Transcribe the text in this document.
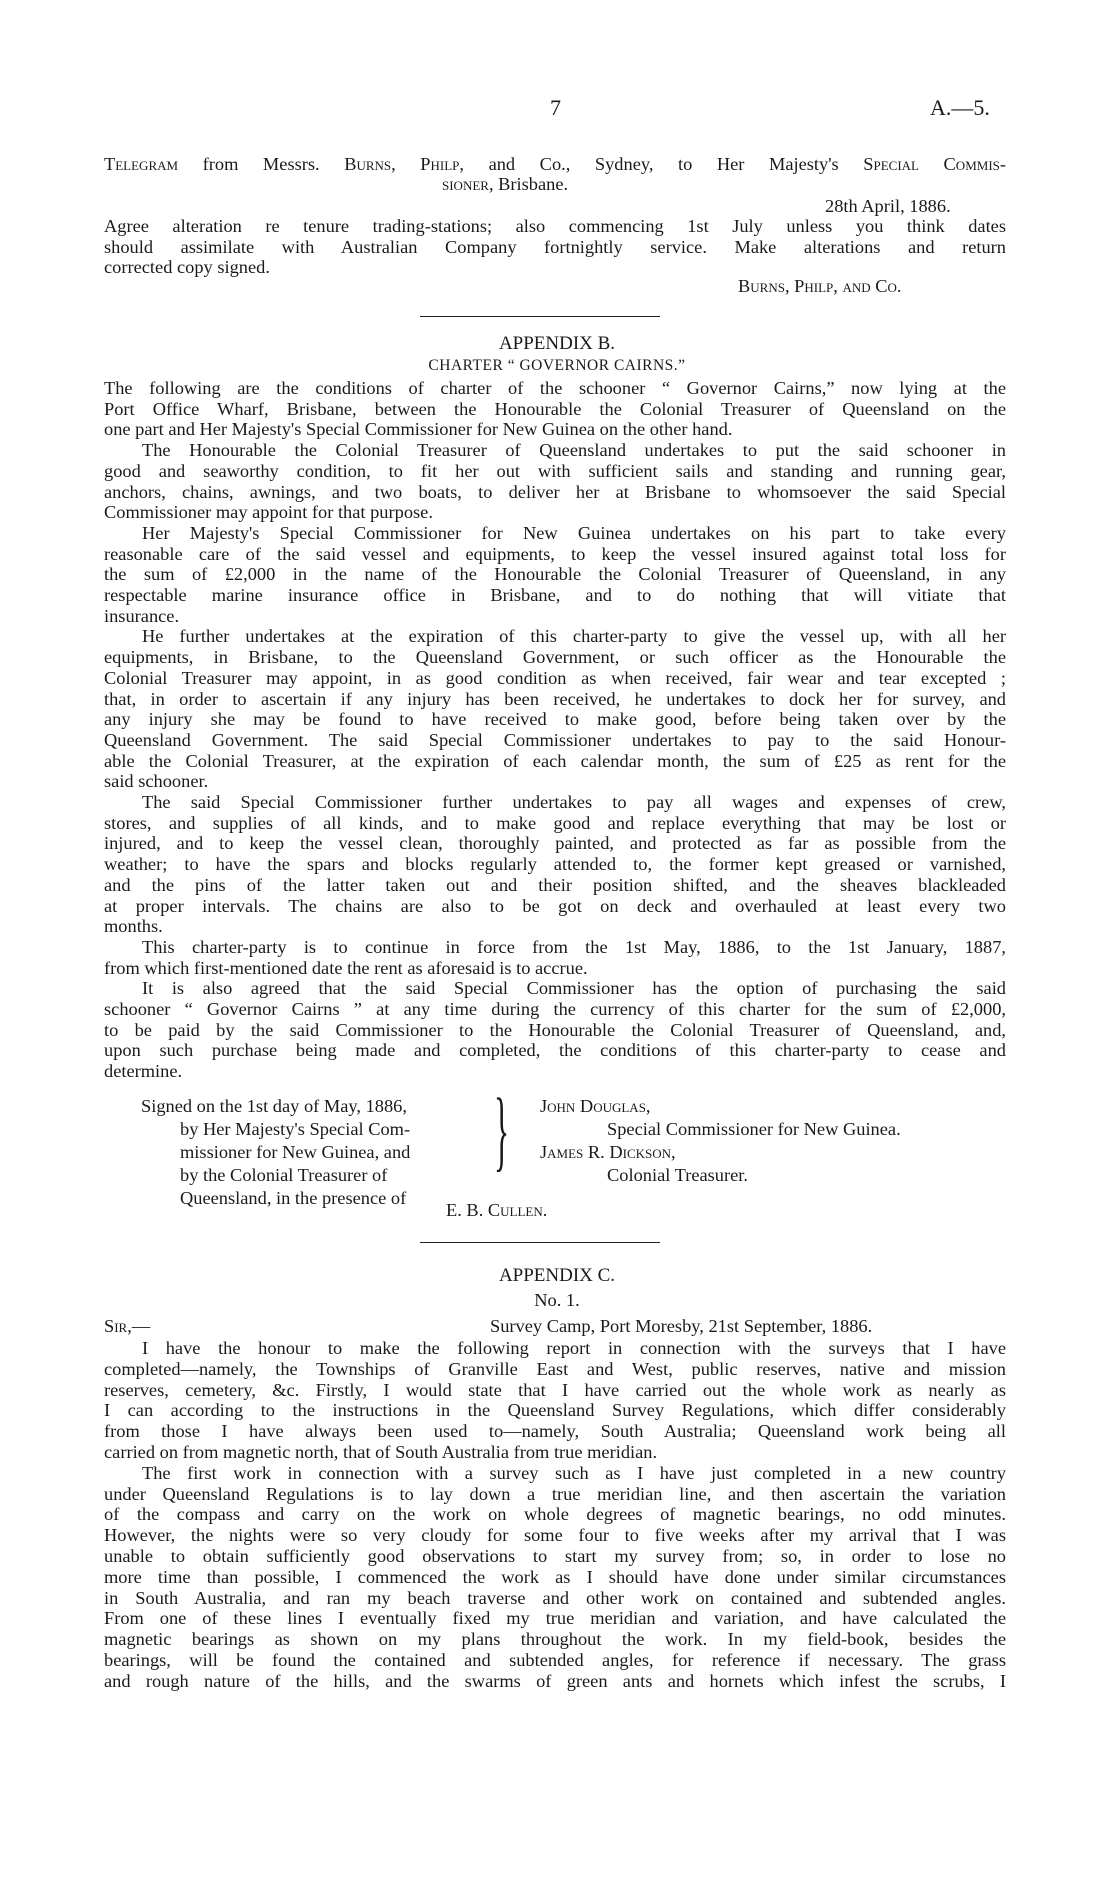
7	A.—5.
Telegram from Messrs. Burns, Philp, and Co., Sydney, to Her Majesty's Special Commis-
sioner, Brisbane.
28th April, 1886.
Agree alteration re tenure trading-stations; also commencing 1st July unless you think dates
should assimilate with Australian Company fortnightly service. Make alterations and return
corrected copy signed.
Burns, Philp, and Co.
APPENDIX B.
CHARTER “ GOVERNOR CAIRNS.”
The following are the conditions of charter of the schooner “ Governor Cairns,” now lying at the
Port Office Wharf, Brisbane, between the Honourable the Colonial Treasurer of Queensland on the
one part and Her Majesty's Special Commissioner for New Guinea on the other hand.
The Honourable the Colonial Treasurer of Queensland undertakes to put the said schooner in
good and seaworthy condition, to fit her out with sufficient sails and standing and running gear,
anchors, chains, awnings, and two boats, to deliver her at Brisbane to whomsoever the said Special
Commissioner may appoint for that purpose.
Her Majesty's Special Commissioner for New Guinea undertakes on his part to take every
reasonable care of the said vessel and equipments, to keep the vessel insured against total loss for
the sum of £2,000 in the name of the Honourable the Colonial Treasurer of Queensland, in any
respectable marine insurance office in Brisbane, and to do nothing that will vitiate that
insurance.
He further undertakes at the expiration of this charter-party to give the vessel up, with all her
equipments, in Brisbane, to the Queensland Government, or such officer as the Honourable the
Colonial Treasurer may appoint, in as good condition as when received, fair wear and tear excepted ;
that, in order to ascertain if any injury has been received, he undertakes to dock her for survey, and
any injury she may be found to have received to make good, before being taken over by the
Queensland Government. The said Special Commissioner undertakes to pay to the said Honour-
able the Colonial Treasurer, at the expiration of each calendar month, the sum of £25 as rent for the
said schooner.
The said Special Commissioner further undertakes to pay all wages and expenses of crew,
stores, and supplies of all kinds, and to make good and replace everything that may be lost or
injured, and to keep the vessel clean, thoroughly painted, and protected as far as possible from the
weather; to have the spars and blocks regularly attended to, the former kept greased or varnished,
and the pins of the latter taken out and their position shifted, and the sheaves blackleaded
at proper intervals. The chains are also to be got on deck and overhauled at least every two
months.
This charter-party is to continue in force from the 1st May, 1886, to the 1st January, 1887,
from which first-mentioned date the rent as aforesaid is to accrue.
It is also agreed that the said Special Commissioner has the option of purchasing the said
schooner “ Governor Cairns ” at any time during the currency of this charter for the sum of £2,000,
to be paid by the said Commissioner to the Honourable the Colonial Treasurer of Queensland, and,
upon such purchase being made and completed, the conditions of this charter-party to cease and
determine.
Signed on the 1st day of May, 1886,
by Her Majesty's Special Com-
missioner for New Guinea, and
by the Colonial Treasurer of
Queensland, in the presence of
} John Douglas,
Special Commissioner for New Guinea.
James R. Dickson,
Colonial Treasurer.
E. B. Cullen.
APPENDIX C.
No. 1.
Sir,—	Survey Camp, Port Moresby, 21st September, 1886.
I have the honour to make the following report in connection with the surveys that I have
completed—namely, the Townships of Granville East and West, public reserves, native and mission
reserves, cemetery, &c. Firstly, I would state that I have carried out the whole work as nearly as
I can according to the instructions in the Queensland Survey Regulations, which differ considerably
from those I have always been used to—namely, South Australia; Queensland work being all
carried on from magnetic north, that of South Australia from true meridian.
The first work in connection with a survey such as I have just completed in a new country
under Queensland Regulations is to lay down a true meridian line, and then ascertain the variation
of the compass and carry on the work on whole degrees of magnetic bearings, no odd minutes.
However, the nights were so very cloudy for some four to five weeks after my arrival that I was
unable to obtain sufficiently good observations to start my survey from; so, in order to lose no
more time than possible, I commenced the work as I should have done under similar circumstances
in South Australia, and ran my beach traverse and other work on contained and subtended angles.
From one of these lines I eventually fixed my true meridian and variation, and have calculated the
magnetic bearings as shown on my plans throughout the work. In my field-book, besides the
bearings, will be found the contained and subtended angles, for reference if necessary. The grass
and rough nature of the hills, and the swarms of green ants and hornets which infest the scrubs, I
